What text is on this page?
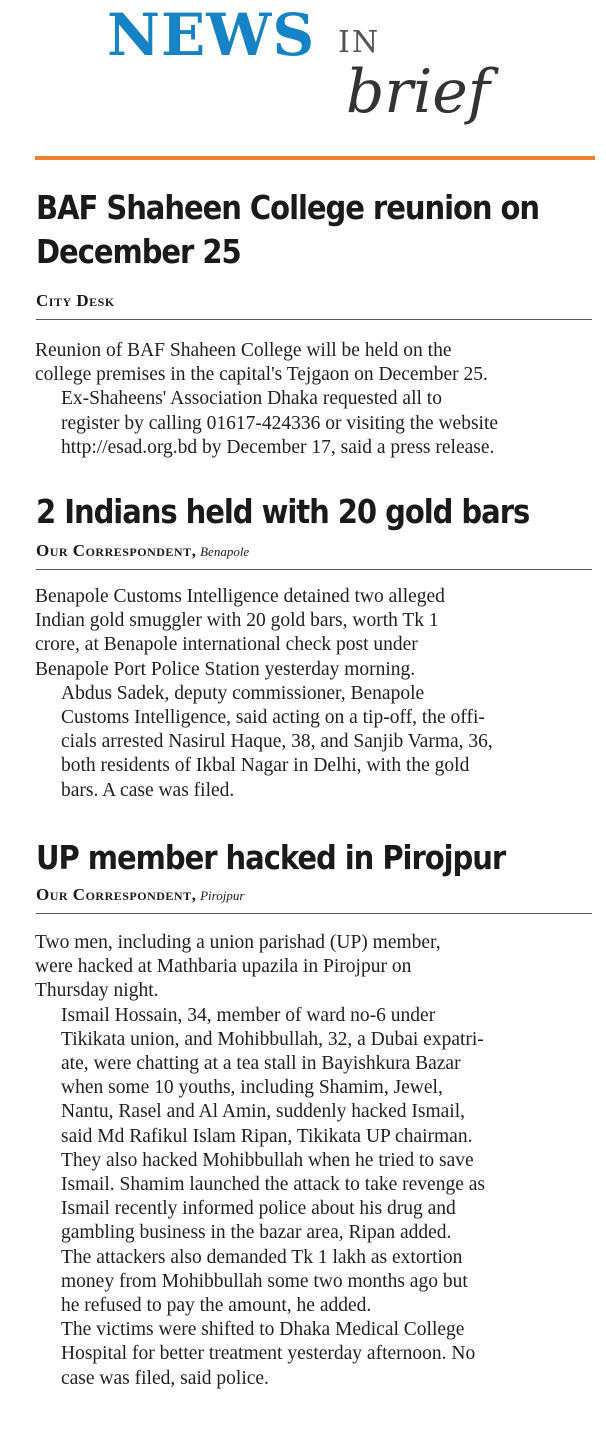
NEWS IN
brief
BAF Shaheen College reunion on
December 25
City Desk

Reunion of BAF Shaheen College will be held on the
college premises in the capital's Tejgaon on December 25.

Ex-Shaheens' Association Dhaka requested all to
register by calling 01617-424336 or visiting the website
http://esad.org.bd by December 17, said a press release.

2 Indians held with 20 gold bars
Our Correspondent, Benapole

Benapole Customs Intelligence detained two alleged
Indian gold smuggler with 20 gold bars, worth Tk 1
crore, at Benapole international check post under
Benapole Port Police Station yesterday morning.

Abdus Sadek, deputy commissioner, Benapole
Customs Intelligence, said acting on a tip-off, the offi-
cials arrested Nasirul Haque, 38, and Sanjib Varma, 36,
both residents of Ikbal Nagar in Delhi, with the gold
bars. A case was filed.

UP member hacked in Pirojpur
Our Correspondent, Pirojpur

Two men, including a union parishad (UP) member,
were hacked at Mathbaria upazila in Pirojpur on
Thursday night.

Ismail Hossain, 34, member of ward no-6 under
Tikikata union, and Mohibbullah, 32, a Dubai expatri-
ate, were chatting at a tea stall in Bayishkura Bazar
when some 10 youths, including Shamim, Jewel,
Nantu, Rasel and Al Amin, suddenly hacked Ismail,
said Md Rafikul Islam Ripan, Tikikata UP chairman.

They also hacked Mohibbullah when he tried to save
Ismail. Shamim launched the attack to take revenge as
Ismail recently informed police about his drug and
gambling business in the bazar area, Ripan added.

The attackers also demanded Tk 1 lakh as extortion
money from Mohibbullah some two months ago but
he refused to pay the amount, he added.

The victims were shifted to Dhaka Medical College
Hospital for better treatment yesterday afternoon. No
case was filed, said police.
